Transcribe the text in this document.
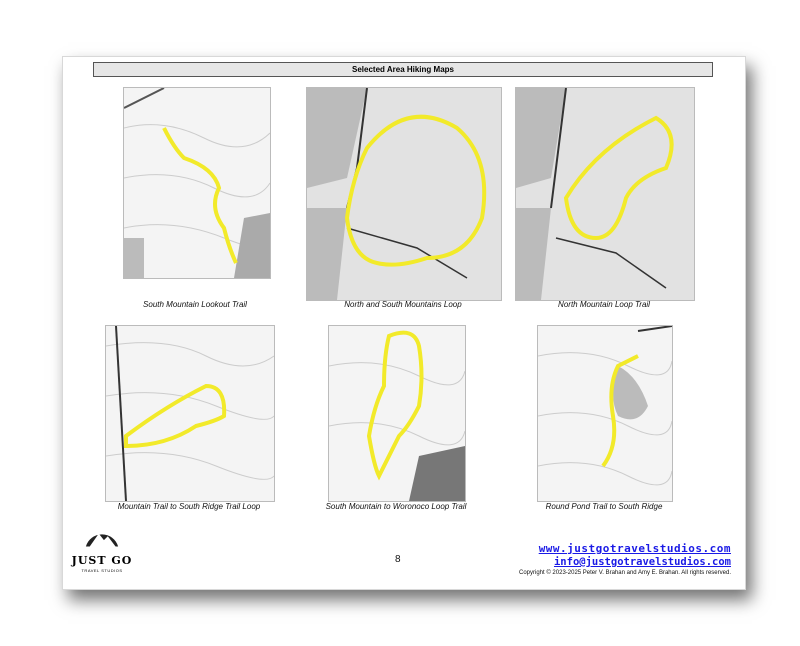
Selected Area Hiking Maps
South Mountain Lookout Trail	North and South Mountains Loop	North Mountain Loop Trail
Mountain Trail to South Ridge Trail Loop	South Mountain to Woronoco Loop Trail	Round Pond Trail to South Ridge
JUST GO
TRAVEL STUDIOS
8
www.justgotravelstudios.com
info@justgotravelstudios.com
Copyright © 2023-2025 Peter V. Brahan and Amy E. Brahan. All rights reserved.
